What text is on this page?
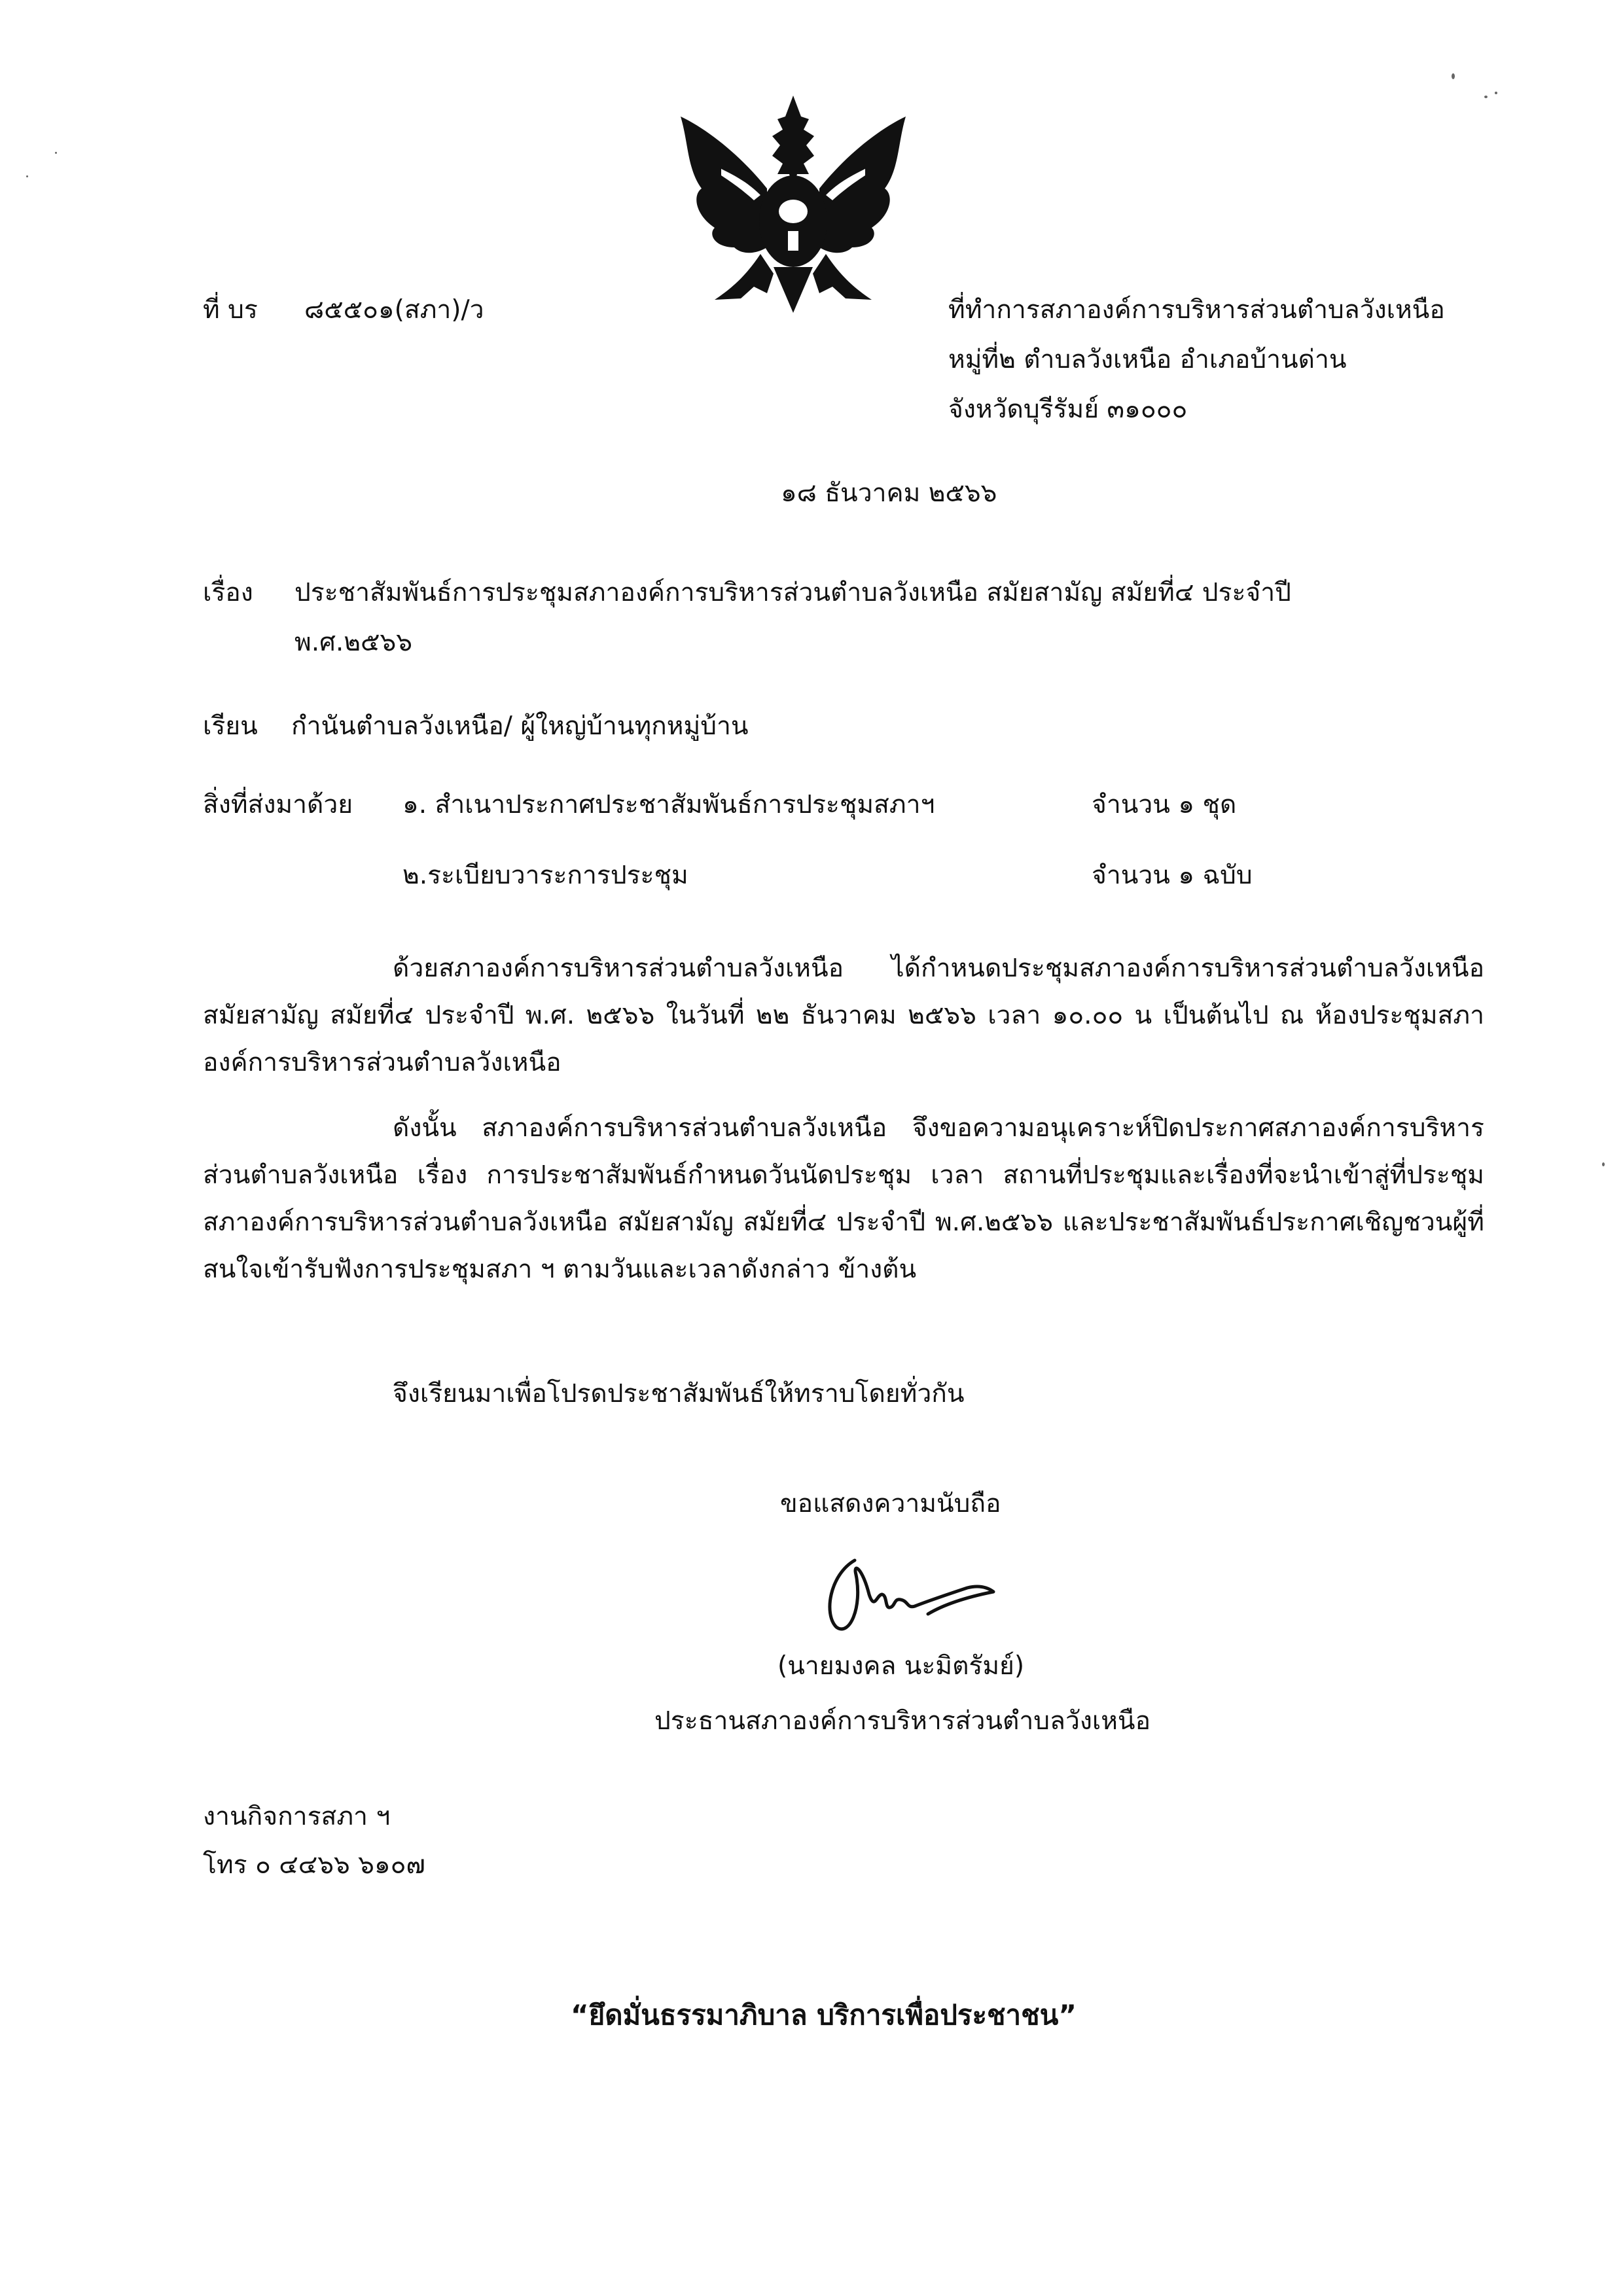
ที่ บร ๘๕๕๐๑(สภา)/ว	ที่ทำการสภาองค์การบริหารส่วนตำบลวังเหนือ
หมู่ที่๒ ตำบลวังเหนือ อำเภอบ้านด่าน
จังหวัดบุรีรัมย์ ๓๑๐๐๐
๑๘ ธันวาคม ๒๕๖๖
เรื่อง ประชาสัมพันธ์การประชุมสภาองค์การบริหารส่วนตำบลวังเหนือ สมัยสามัญ สมัยที่๔ ประจำปี
พ.ศ.๒๕๖๖
เรียน กำนันตำบลวังเหนือ/ ผู้ใหญ่บ้านทุกหมู่บ้าน
สิ่งที่ส่งมาด้วย ๑. สำเนาประกาศประชาสัมพันธ์การประชุมสภาฯ	จำนวน ๑ ชุด
๒.ระเบียบวาระการประชุม	จำนวน ๑ ฉบับ
ด้วยสภาองค์การบริหารส่วนตำบลวังเหนือ ได้กำหนดประชุมสภาองค์การบริหารส่วนตำบลวังเหนือ สมัยสามัญ สมัยที่๔ ประจำปี พ.ศ. ๒๕๖๖ ในวันที่ ๒๒ ธันวาคม ๒๕๖๖ เวลา ๑๐.๐๐ น เป็นต้นไป ณ ห้องประชุมสภาองค์การบริหารส่วนตำบลวังเหนือ
ดังนั้น สภาองค์การบริหารส่วนตำบลวังเหนือ จึงขอความอนุเคราะห์ปิดประกาศสภาองค์การบริหารส่วนตำบลวังเหนือ เรื่อง การประชาสัมพันธ์กำหนดวันนัดประชุม เวลา สถานที่ประชุมและเรื่องที่จะนำเข้าสู่ที่ประชุม สภาองค์การบริหารส่วนตำบลวังเหนือ สมัยสามัญ สมัยที่๔ ประจำปี พ.ศ.๒๕๖๖ และประชาสัมพันธ์ประกาศเชิญชวนผู้ที่สนใจเข้ารับฟังการประชุมสภา ฯ ตามวันและเวลาดังกล่าว ข้างต้น
จึงเรียนมาเพื่อโปรดประชาสัมพันธ์ให้ทราบโดยทั่วกัน
ขอแสดงความนับถือ
(นายมงคล นะมิตรัมย์)
ประธานสภาองค์การบริหารส่วนตำบลวังเหนือ
งานกิจการสภา ฯ
โทร ๐ ๔๔๖๖ ๖๑๐๗
“ยึดมั่นธรรมาภิบาล บริการเพื่อประชาชน”
